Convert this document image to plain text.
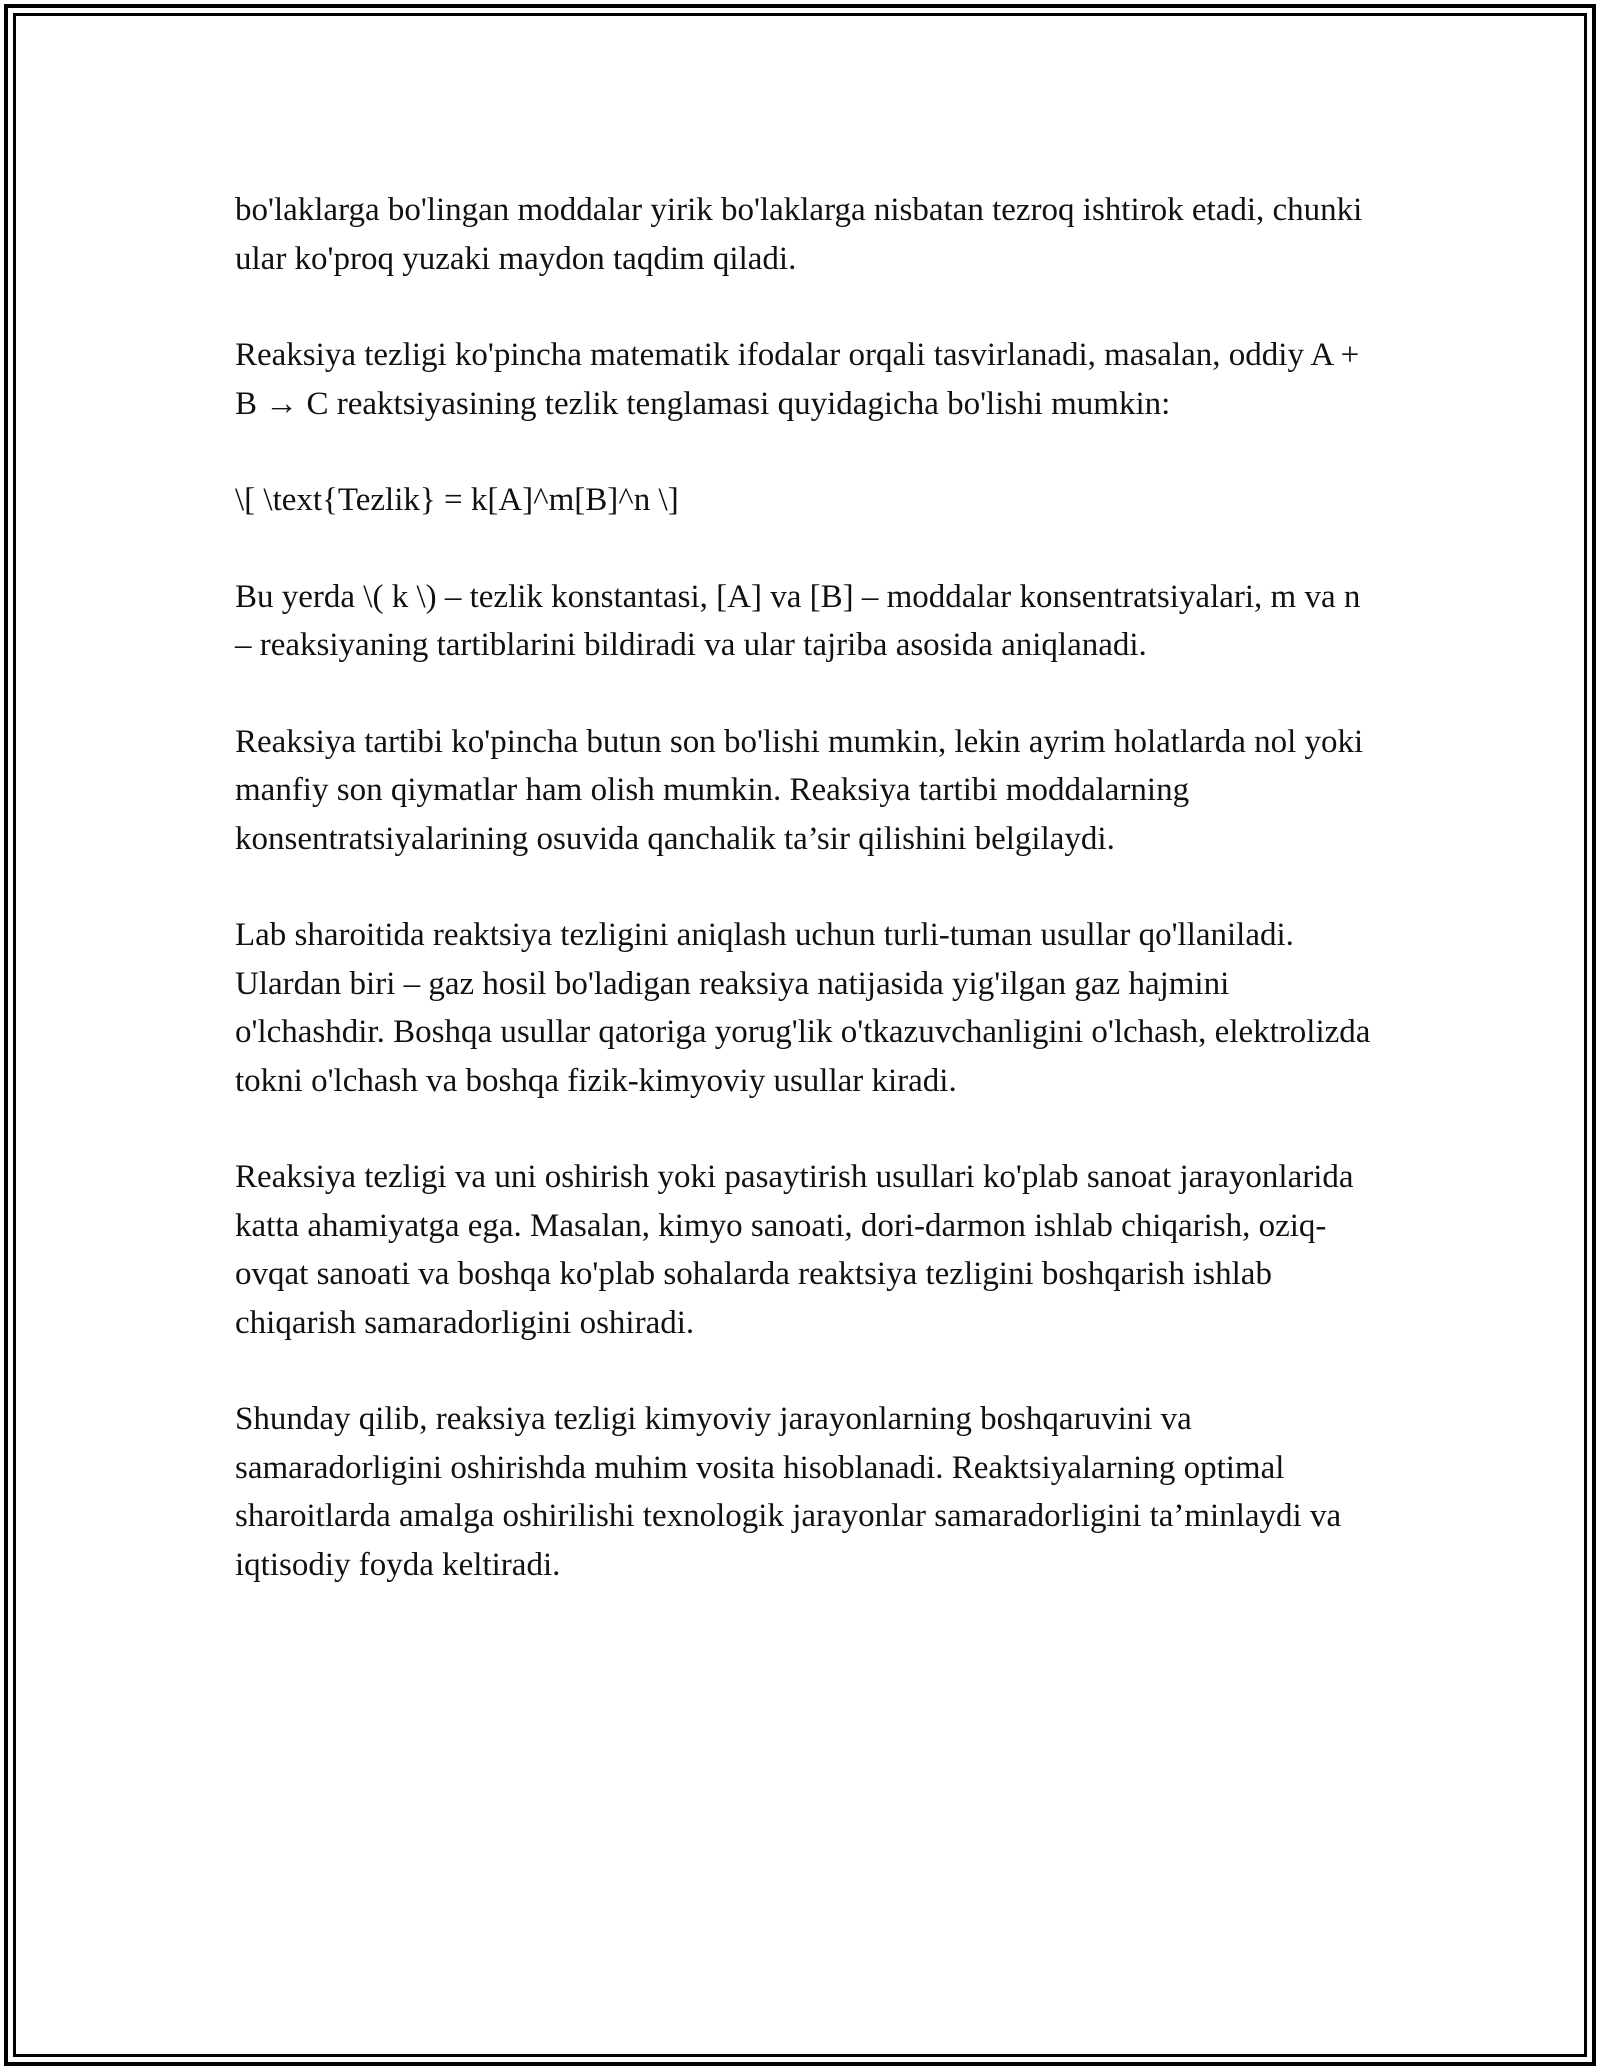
bo'laklarga bo'lingan moddalar yirik bo'laklarga nisbatan tezroq ishtirok etadi, chunki ular ko'proq yuzaki maydon taqdim qiladi.

Reaksiya tezligi ko'pincha matematik ifodalar orqali tasvirlanadi, masalan, oddiy A + B → C reaktsiyasining tezlik tenglamasi quyidagicha bo'lishi mumkin:

\[ \text{Tezlik} = k[A]^m[B]^n \]

Bu yerda \( k \) – tezlik konstantasi, [A] va [B] – moddalar konsentratsiyalari, m va n – reaksiyaning tartiblarini bildiradi va ular tajriba asosida aniqlanadi.

Reaksiya tartibi ko'pincha butun son bo'lishi mumkin, lekin ayrim holatlarda nol yoki manfiy son qiymatlar ham olish mumkin. Reaksiya tartibi moddalarning konsentratsiyalarining osuvida qanchalik ta’sir qilishini belgilaydi.

Lab sharoitida reaktsiya tezligini aniqlash uchun turli-tuman usullar qo'llaniladi. Ulardan biri – gaz hosil bo'ladigan reaksiya natijasida yig'ilgan gaz hajmini o'lchashdir. Boshqa usullar qatoriga yorug'lik o'tkazuvchanligini o'lchash, elektrolizda tokni o'lchash va boshqa fizik-kimyoviy usullar kiradi.

Reaksiya tezligi va uni oshirish yoki pasaytirish usullari ko'plab sanoat jarayonlarida katta ahamiyatga ega. Masalan, kimyo sanoati, dori-darmon ishlab chiqarish, oziq-ovqat sanoati va boshqa ko'plab sohalarda reaktsiya tezligini boshqarish ishlab chiqarish samaradorligini oshiradi.

Shunday qilib, reaksiya tezligi kimyoviy jarayonlarning boshqaruvini va samaradorligini oshirishda muhim vosita hisoblanadi. Reaktsiyalarning optimal sharoitlarda amalga oshirilishi texnologik jarayonlar samaradorligini ta’minlaydi va iqtisodiy foyda keltiradi.
